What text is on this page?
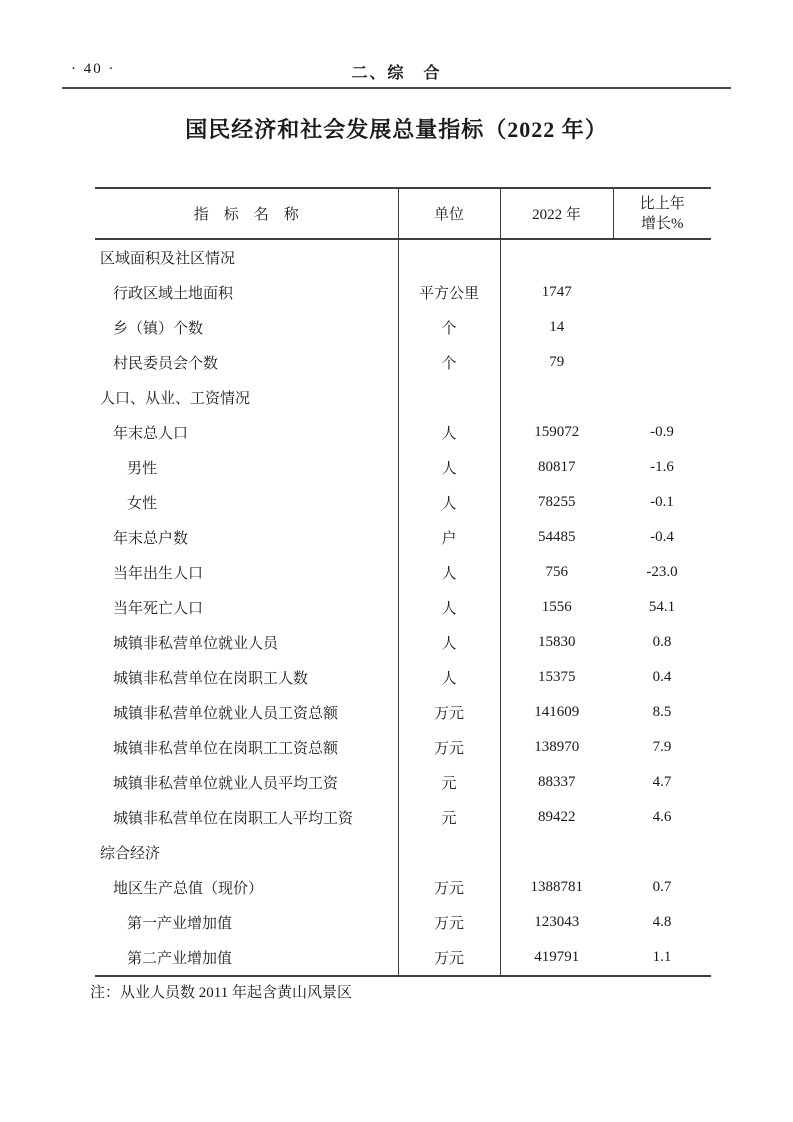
· 40 ·	二、综　合
国民经济和社会发展总量指标（2022 年）
指　标　名　称	单位	2022 年	比上年
增长%

区域面积及社区情况			
行政区域土地面积	平方公里	1747	
乡（镇）个数	个	14	
村民委员会个数	个	79	
人口、从业、工资情况			
年末总人口	人	159072	-0.9
男性	人	80817	-1.6
女性	人	78255	-0.1
年末总户数	户	54485	-0.4
当年出生人口	人	756	-23.0
当年死亡人口	人	1556	54.1
城镇非私营单位就业人员	人	15830	0.8
城镇非私营单位在岗职工人数	人	15375	0.4
城镇非私营单位就业人员工资总额	万元	141609	8.5
城镇非私营单位在岗职工工资总额	万元	138970	7.9
城镇非私营单位就业人员平均工资	元	88337	4.7
城镇非私营单位在岗职工人平均工资	元	89422	4.6
综合经济			
地区生产总值（现价）	万元	1388781	0.7
第一产业增加值	万元	123043	4.8
第二产业增加值	万元	419791	1.1
注：从业人员数 2011 年起含黄山风景区
